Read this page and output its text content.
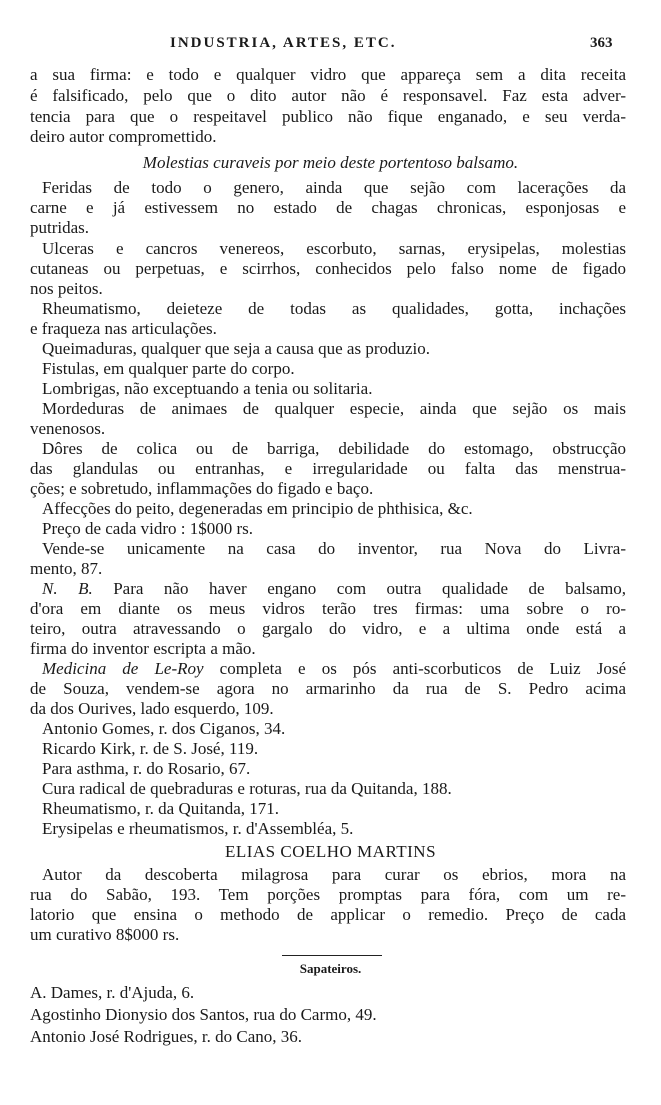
INDUSTRIA, ARTES, ETC.	363
a sua firma: e todo e qualquer vidro que appareça sem a dita receita
é falsificado, pelo que o dito autor não é responsavel. Faz esta adver-
tencia para que o respeitavel publico não fique enganado, e seu verda-
deiro autor compromettido.
Molestias curaveis por meio deste portentoso balsamo.
Feridas de todo o genero, ainda que sejão com lacerações da
carne e já estivessem no estado de chagas chronicas, esponjosas e
putridas.
Ulceras e cancros venereos, escorbuto, sarnas, erysipelas, molestias
cutaneas ou perpetuas, e scirrhos, conhecidos pelo falso nome de figado
nos peitos.
Rheumatismo, deieteze de todas as qualidades, gotta, inchações
e fraqueza nas articulações.
Queimaduras, qualquer que seja a causa que as produzio.
Fistulas, em qualquer parte do corpo.
Lombrigas, não exceptuando a tenia ou solitaria.
Mordeduras de animaes de qualquer especie, ainda que sejão os mais
venenosos.
Dôres de colica ou de barriga, debilidade do estomago, obstrucção
das glandulas ou entranhas, e irregularidade ou falta das menstrua-
ções; e sobretudo, inflammações do figado e baço.
Affecções do peito, degeneradas em principio de phthisica, &c.
Preço de cada vidro : 1$000 rs.
Vende-se unicamente na casa do inventor, rua Nova do Livra-
mento, 87.
N. B. Para não haver engano com outra qualidade de balsamo,
d'ora em diante os meus vidros terão tres firmas: uma sobre o ro-
teiro, outra atravessando o gargalo do vidro, e a ultima onde está a
firma do inventor escripta a mão.
Medicina de Le-Roy completa e os pós anti-scorbuticos de Luiz José
de Souza, vendem-se agora no armarinho da rua de S. Pedro acima
da dos Ourives, lado esquerdo, 109.
Antonio Gomes, r. dos Ciganos, 34.
Ricardo Kirk, r. de S. José, 119.
Para asthma, r. do Rosario, 67.
Cura radical de quebraduras e roturas, rua da Quitanda, 188.
Rheumatismo, r. da Quitanda, 171.
Erysipelas e rheumatismos, r. d'Assembléa, 5.
ELIAS COELHO MARTINS
Autor da descoberta milagrosa para curar os ebrios, mora na
rua do Sabão, 193. Tem porções promptas para fóra, com um re-
latorio que ensina o methodo de applicar o remedio. Preço de cada
um curativo 8$000 rs.
Sapateiros.
A. Dames, r. d'Ajuda, 6.
Agostinho Dionysio dos Santos, rua do Carmo, 49.
Antonio José Rodrigues, r. do Cano, 36.
